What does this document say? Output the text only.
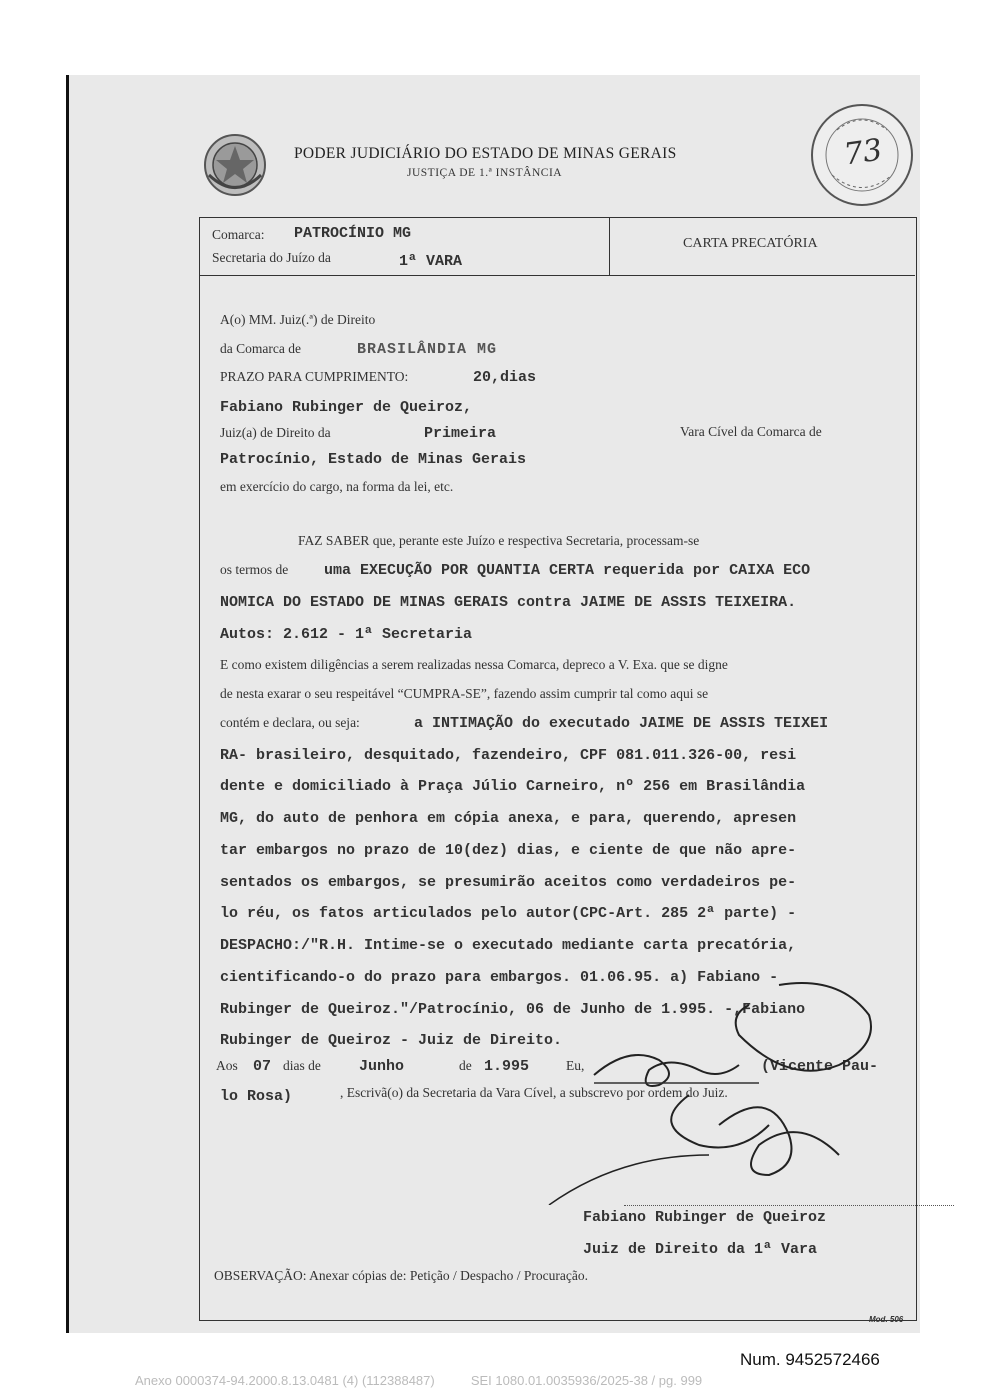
PODER JUDICIÁRIO DO ESTADO DE MINAS GERAIS
JUSTIÇA DE 1.ª INSTÂNCIA
73
Comarca: PATROCÍNIO MG
Secretaria do Juízo da	1ª VARA
CARTA PRECATÓRIA
A(o) MM. Juiz(.ª) de Direito
da Comarca de	BRASILÂNDIA MG
PRAZO PARA CUMPRIMENTO:	20,dias
Fabiano Rubinger de Queiroz,
Juiz(a) de Direito da	Primeira	Vara Cível da Comarca de
Patrocínio, Estado de Minas Gerais
em exercício do cargo, na forma da lei, etc.
FAZ SABER que, perante este Juízo e respectiva Secretaria, processam-se
os termos de uma EXECUÇÃO POR QUANTIA CERTA requerida por CAIXA ECO
NOMICA DO ESTADO DE MINAS GERAIS contra JAIME DE ASSIS TEIXEIRA.
Autos: 2.612 - 1ª Secretaria
E como existem diligências a serem realizadas nessa Comarca, depreco a V. Exa. que se digne
de nesta exarar o seu respeitável “CUMPRA-SE”, fazendo assim cumprir tal como aqui se
contém e declara, ou seja:	a INTIMAÇÃO do executado JAIME DE ASSIS TEIXEI
RA- brasileiro, desquitado, fazendeiro, CPF 081.011.326-00, resi
dente e domiciliado à Praça Júlio Carneiro, nº 256 em Brasilândia
MG, do auto de penhora em cópia anexa, e para, querendo, apresen
tar embargos no prazo de 10(dez) dias, e ciente de que não apre-
sentados os embargos, se presumirão aceitos como verdadeiros pe-
lo réu, os fatos articulados pelo autor(CPC-Art. 285 2ª parte) -
DESPACHO:/"R.H. Intime-se o executado mediante carta precatória,
cientificando-o do prazo para embargos. 01.06.95. a) Fabiano -
Rubinger de Queiroz."/Patrocínio, 06 de Junho de 1.995. -,Fabiano
Rubinger de Queiroz - Juiz de Direito.
Aos 07 dias de	Junho	de 1.995	Eu,	(Vicente Pau-
lo Rosa)	, Escrivã(o) da Secretaria da Vara Cível, a subscrevo por ordem do Juiz.
Fabiano Rubinger de Queiroz
Juiz de Direito da 1ª Vara
OBSERVAÇÃO: Anexar cópias de: Petição / Despacho / Procuração.
Mod. 506
Num. 9452572466
Anexo 0000374-94.2000.8.13.0481 (4) (112388487)          SEI 1080.01.0035936/2025-38 / pg. 999
